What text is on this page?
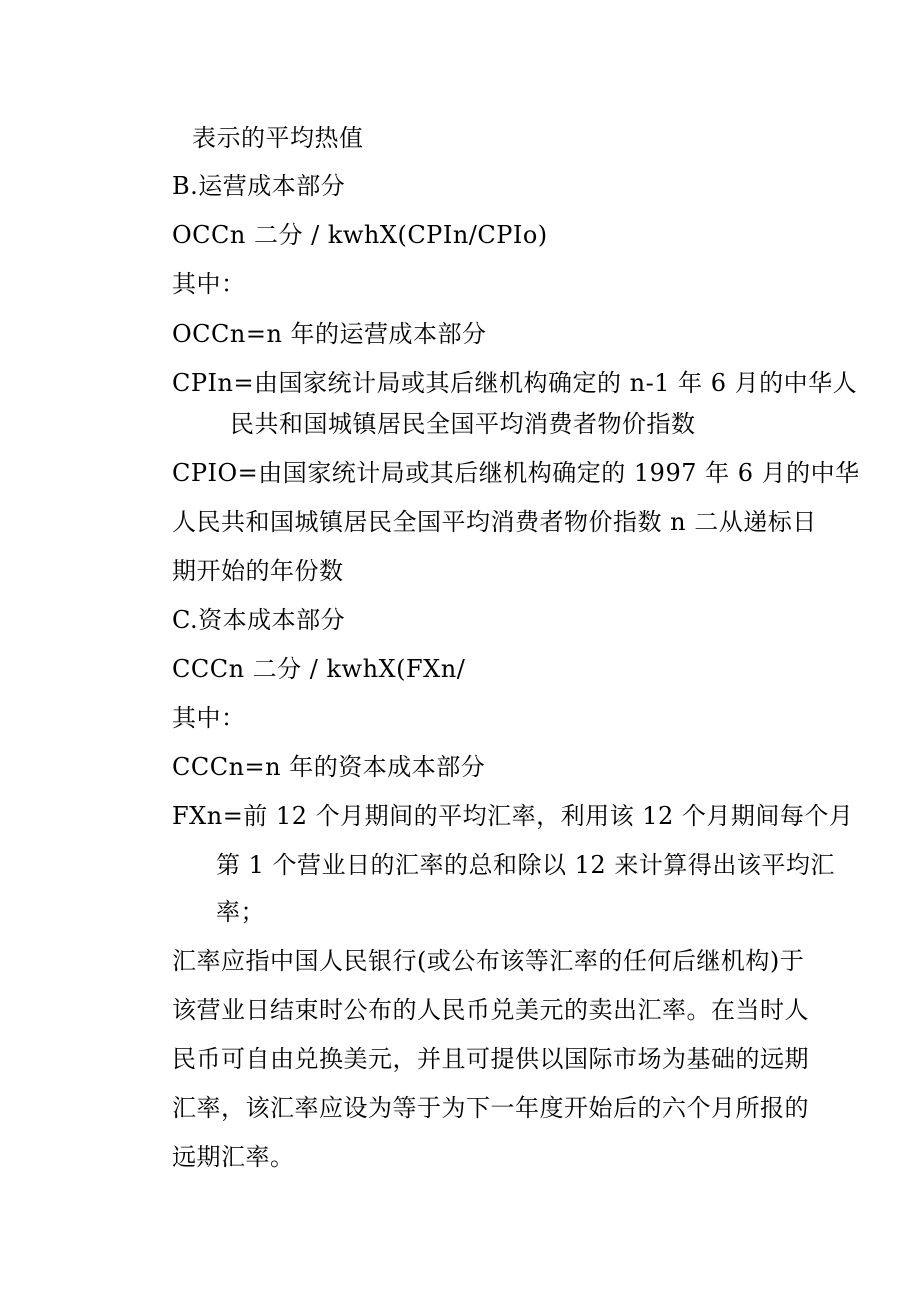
表示的平均热值
B.运营成本部分
OCCn 二分 / kwhX(CPIn/CPIo)
其中：
OCCn=n 年的运营成本部分
CPIn=由国家统计局或其后继机构确定的 n-1 年 6 月的中华人
民共和国城镇居民全国平均消费者物价指数
CPIO=由国家统计局或其后继机构确定的 1997 年 6 月的中华
人民共和国城镇居民全国平均消费者物价指数 n 二从递标日
期开始的年份数
C.资本成本部分
CCCn 二分 / kwhX(FXn/
其中：
CCCn=n 年的资本成本部分
FXn=前 12 个月期间的平均汇率，利用该 12 个月期间每个月
第 1 个营业日的汇率的总和除以 12 来计算得出该平均汇
率；
汇率应指中国人民银行(或公布该等汇率的任何后继机构)于
该营业日结束时公布的人民币兑美元的卖出汇率。在当时人
民币可自由兑换美元，并且可提供以国际市场为基础的远期
汇率，该汇率应设为等于为下一年度开始后的六个月所报的
远期汇率。
